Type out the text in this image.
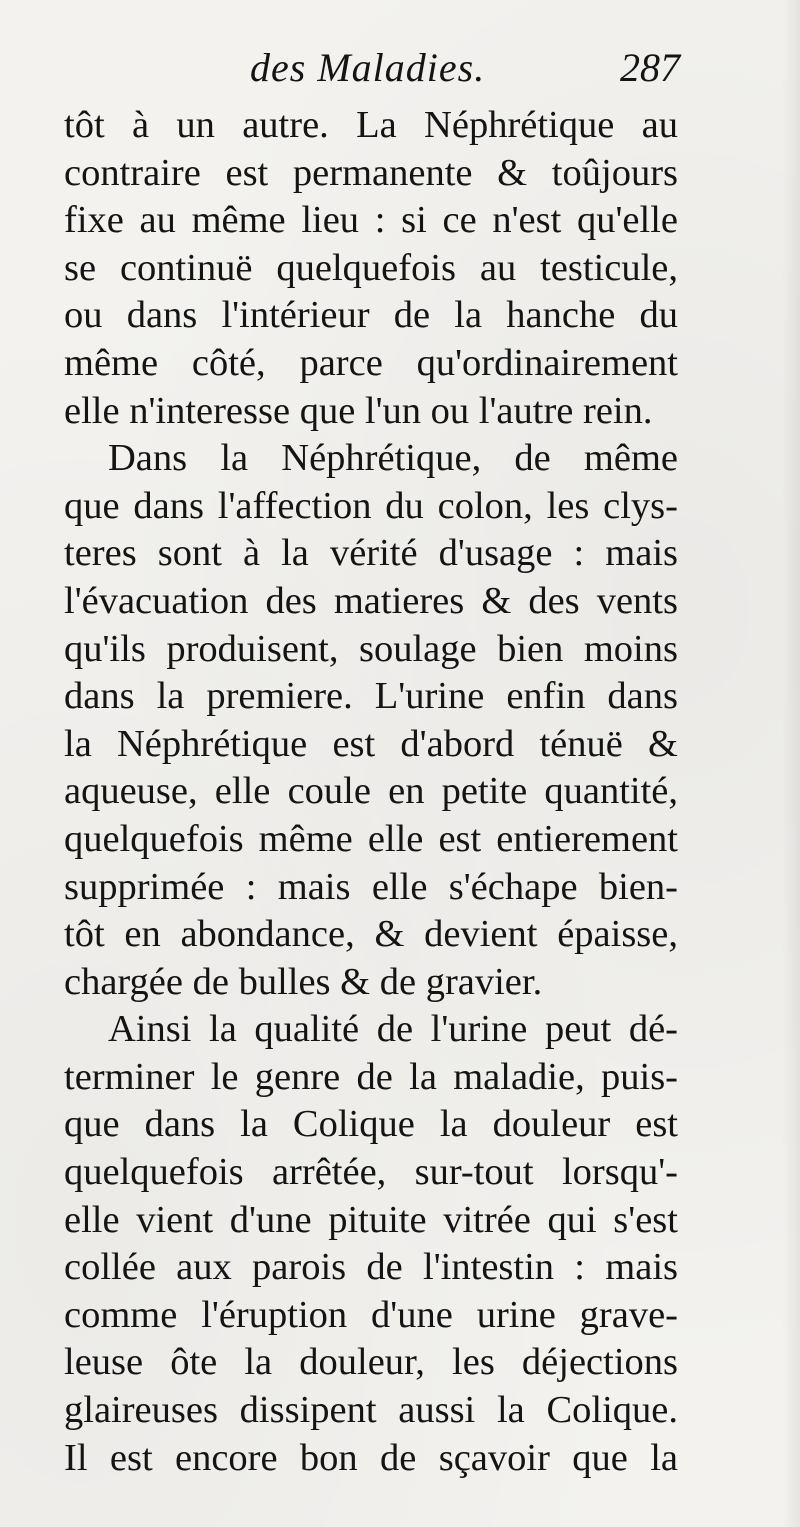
des Maladies.	287
tôt à un autre. La Néphrétique au
contraire est permanente & toûjours
fixe au même lieu : si ce n'est qu'elle
se continuë quelquefois au testicule,
ou dans l'intérieur de la hanche du
même côté, parce qu'ordinairement
elle n'interesse que l'un ou l'autre rein.
Dans la Néphrétique, de même
que dans l'affection du colon, les clys-
teres sont à la vérité d'usage : mais
l'évacuation des matieres & des vents
qu'ils produisent, soulage bien moins
dans la premiere. L'urine enfin dans
la Néphrétique est d'abord ténuë &
aqueuse, elle coule en petite quantité,
quelquefois même elle est entierement
supprimée : mais elle s'échape bien-
tôt en abondance, & devient épaisse,
chargée de bulles & de gravier.
Ainsi la qualité de l'urine peut dé-
terminer le genre de la maladie, puis-
que dans la Colique la douleur est
quelquefois arrêtée, sur-tout lorsqu'-
elle vient d'une pituite vitrée qui s'est
collée aux parois de l'intestin : mais
comme l'éruption d'une urine grave-
leuse ôte la douleur, les déjections
glaireuses dissipent aussi la Colique.
Il est encore bon de sçavoir que la
